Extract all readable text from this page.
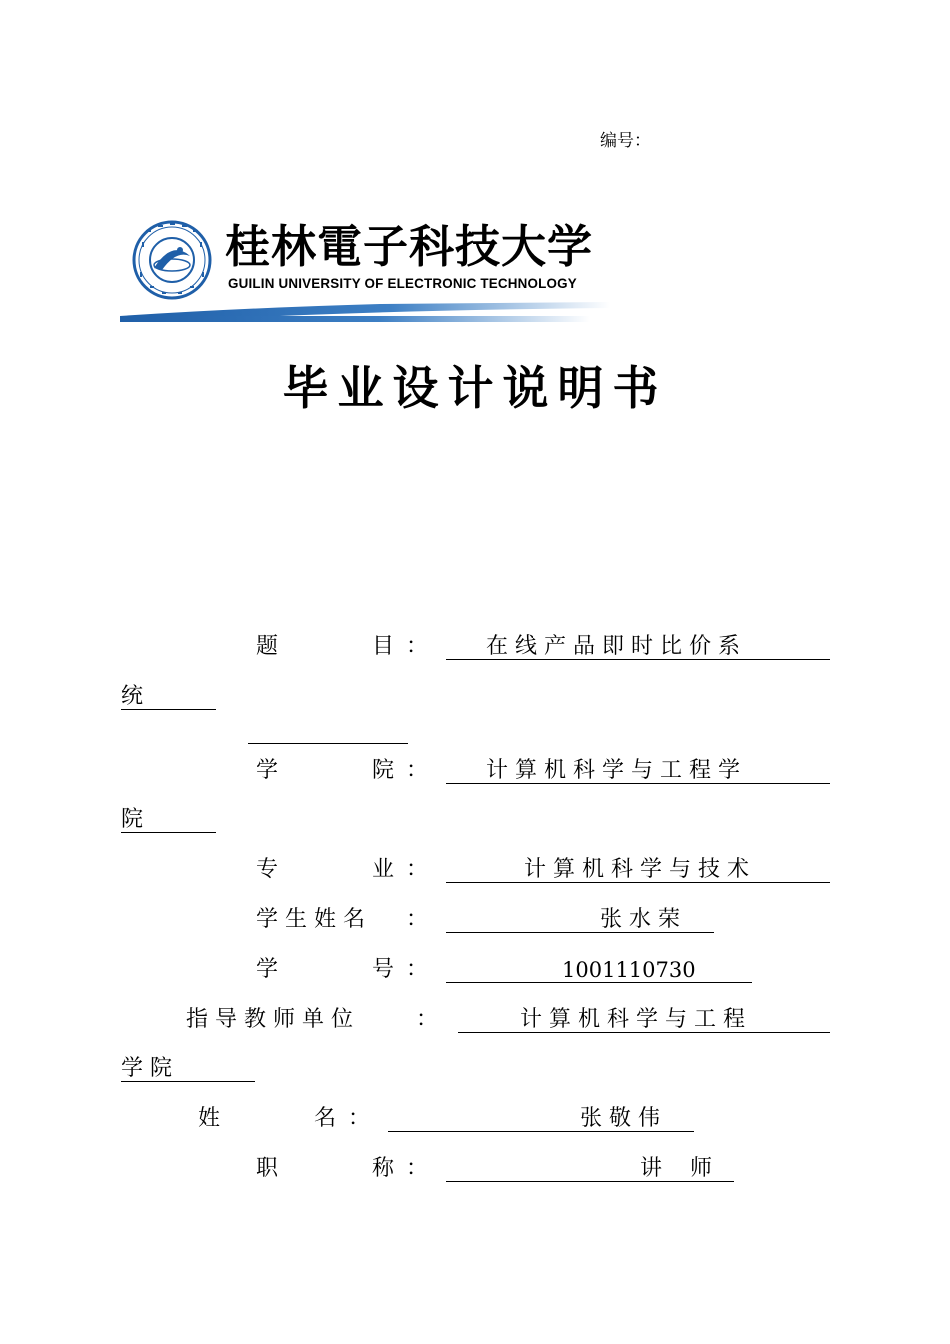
编号：
桂林電子科技大学
GUILIN UNIVERSITY OF ELECTRONIC TECHNOLOGY
毕业设计说明书
题	目 ：	在 线 产 品 即 时 比 价 系
统
学	院 ：	计 算 机 科 学 与 工 程 学
院
专	业 ：	计 算 机 科 学 与 技 术
学 生 姓 名 ：	张 水 荣
学	号 ：	1001110730
指 导 教 师 单 位	：	计 算 机 科 学 与 工 程
学 院
姓	名 ：	张 敬 伟
职	称 ：	讲    师
